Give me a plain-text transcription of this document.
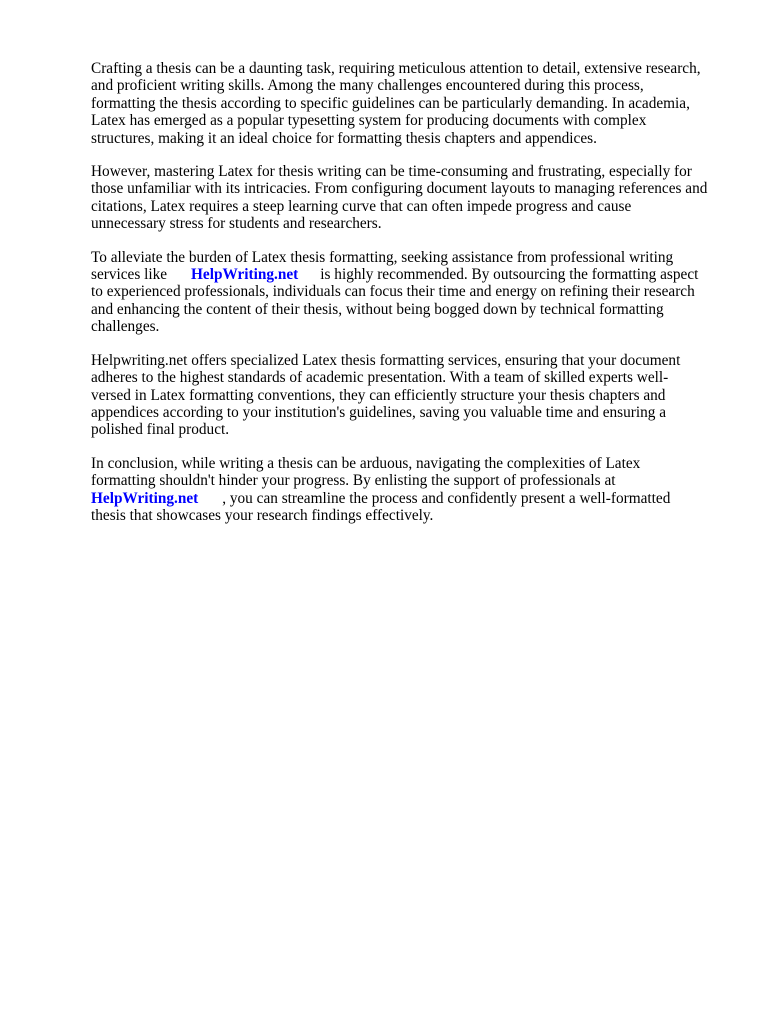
Crafting a thesis can be a daunting task, requiring meticulous attention to detail, extensive research, and proficient writing skills. Among the many challenges encountered during this process, formatting the thesis according to specific guidelines can be particularly demanding. In academia, Latex has emerged as a popular typesetting system for producing documents with complex structures, making it an ideal choice for formatting thesis chapters and appendices.

However, mastering Latex for thesis writing can be time-consuming and frustrating, especially for those unfamiliar with its intricacies. From configuring document layouts to managing references and citations, Latex requires a steep learning curve that can often impede progress and cause unnecessary stress for students and researchers.

To alleviate the burden of Latex thesis formatting, seeking assistance from professional writing services like HelpWriting.net is highly recommended. By outsourcing the formatting aspect to experienced professionals, individuals can focus their time and energy on refining their research and enhancing the content of their thesis, without being bogged down by technical formatting challenges.

Helpwriting.net offers specialized Latex thesis formatting services, ensuring that your document adheres to the highest standards of academic presentation. With a team of skilled experts well-versed in Latex formatting conventions, they can efficiently structure your thesis chapters and appendices according to your institution's guidelines, saving you valuable time and ensuring a polished final product.

In conclusion, while writing a thesis can be arduous, navigating the complexities of Latex formatting shouldn't hinder your progress. By enlisting the support of professionals atHelpWriting.net , you can streamline the process and confidently present a well-formatted thesis that showcases your research findings effectively.
